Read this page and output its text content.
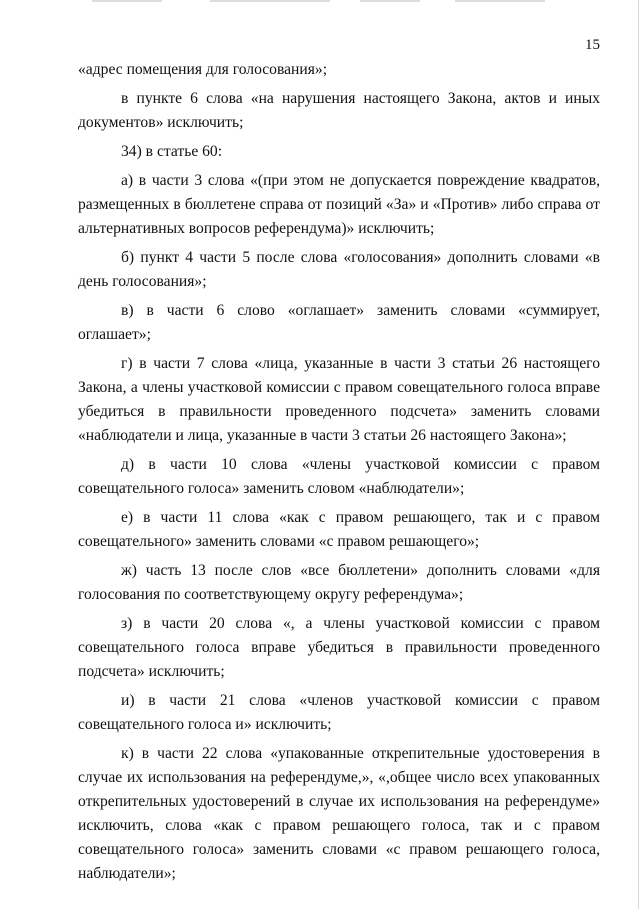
15

«адрес помещения для голосования»;

в пункте 6 слова «на нарушения настоящего Закона, актов и иных документов» исключить;

34) в статье 60:

а) в части 3 слова «(при этом не допускается повреждение квадратов, размещенных в бюллетене справа от позиций «За» и «Против» либо справа от альтернативных вопросов референдума)» исключить;

б) пункт 4 части 5 после слова «голосования» дополнить словами «в день голосования»;

в) в части 6 слово «оглашает» заменить словами «суммирует, оглашает»;

г) в части 7 слова «лица, указанные в части 3 статьи 26 настоящего Закона, а члены участковой комиссии с правом совещательного голоса вправе убедиться в правильности проведенного подсчета» заменить словами «наблюдатели и лица, указанные в части 3 статьи 26 настоящего Закона»;

д) в части 10 слова «члены участковой комиссии с правом совещательного голоса» заменить словом «наблюдатели»;

е) в части 11 слова «как с правом решающего, так и с правом совещательного» заменить словами «с правом решающего»;

ж) часть 13 после слов «все бюллетени» дополнить словами «для голосования по соответствующему округу референдума»;

з) в части 20 слова «, а члены участковой комиссии с правом совещательного голоса вправе убедиться в правильности проведенного подсчета» исключить;

и) в части 21 слова «членов участковой комиссии с правом совещательного голоса и» исключить;

к) в части 22 слова «упакованные открепительные удостоверения в случае их использования на референдуме,», «,общее число всех упакованных открепительных удостоверений в случае их использования на референдуме» исключить, слова «как с правом решающего голоса, так и с правом совещательного голоса» заменить словами «с правом решающего голоса, наблюдатели»;
